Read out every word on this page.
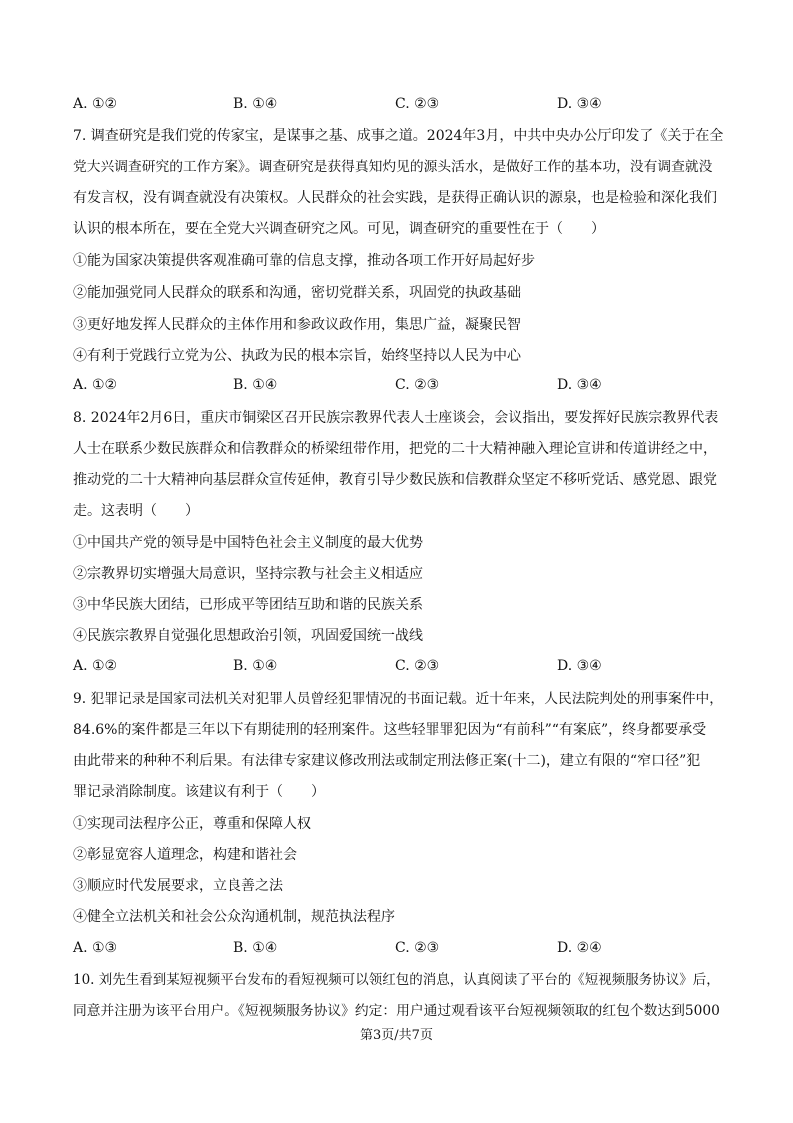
A. ①②	B. ①④	C. ②③	D. ③④
7. 调查研究是我们党的传家宝，是谋事之基、成事之道。2024年3月，中共中央办公厅印发了《关于在全
党大兴调查研究的工作方案》。调查研究是获得真知灼见的源头活水，是做好工作的基本功，没有调查就没
有发言权，没有调查就没有决策权。人民群众的社会实践，是获得正确认识的源泉，也是检验和深化我们
认识的根本所在，要在全党大兴调查研究之风。可见，调查研究的重要性在于（　　）
①能为国家决策提供客观准确可靠的信息支撑，推动各项工作开好局起好步
②能加强党同人民群众的联系和沟通，密切党群关系，巩固党的执政基础
③更好地发挥人民群众的主体作用和参政议政作用，集思广益，凝聚民智
④有利于党践行立党为公、执政为民的根本宗旨，始终坚持以人民为中心
A. ①②	B. ①④	C. ②③	D. ③④
8. 2024年2月6日，重庆市铜梁区召开民族宗教界代表人士座谈会，会议指出，要发挥好民族宗教界代表
人士在联系少数民族群众和信教群众的桥梁纽带作用，把党的二十大精神融入理论宣讲和传道讲经之中，
推动党的二十大精神向基层群众宣传延伸，教育引导少数民族和信教群众坚定不移听党话、感党恩、跟党
走。这表明（　　）
①中国共产党的领导是中国特色社会主义制度的最大优势
②宗教界切实增强大局意识，坚持宗教与社会主义相适应
③中华民族大团结，已形成平等团结互助和谐的民族关系
④民族宗教界自觉强化思想政治引领，巩固爱国统一战线
A. ①②	B. ①④	C. ②③	D. ③④
9. 犯罪记录是国家司法机关对犯罪人员曾经犯罪情况的书面记载。近十年来，人民法院判处的刑事案件中，
84.6%的案件都是三年以下有期徒刑的轻刑案件。这些轻罪罪犯因为“有前科”“有案底”，终身都要承受
由此带来的种种不利后果。有法律专家建议修改刑法或制定刑法修正案(十二)，建立有限的“窄口径”犯
罪记录消除制度。该建议有利于（　　）
①实现司法程序公正，尊重和保障人权
②彰显宽容人道理念，构建和谐社会
③顺应时代发展要求，立良善之法
④健全立法机关和社会公众沟通机制，规范执法程序
A. ①③	B. ①④	C. ②③	D. ②④
10. 刘先生看到某短视频平台发布的看短视频可以领红包的消息，认真阅读了平台的《短视频服务协议》后，
同意并注册为该平台用户。《短视频服务协议》约定：用户通过观看该平台短视频领取的红包个数达到5000
第3页/共7页
